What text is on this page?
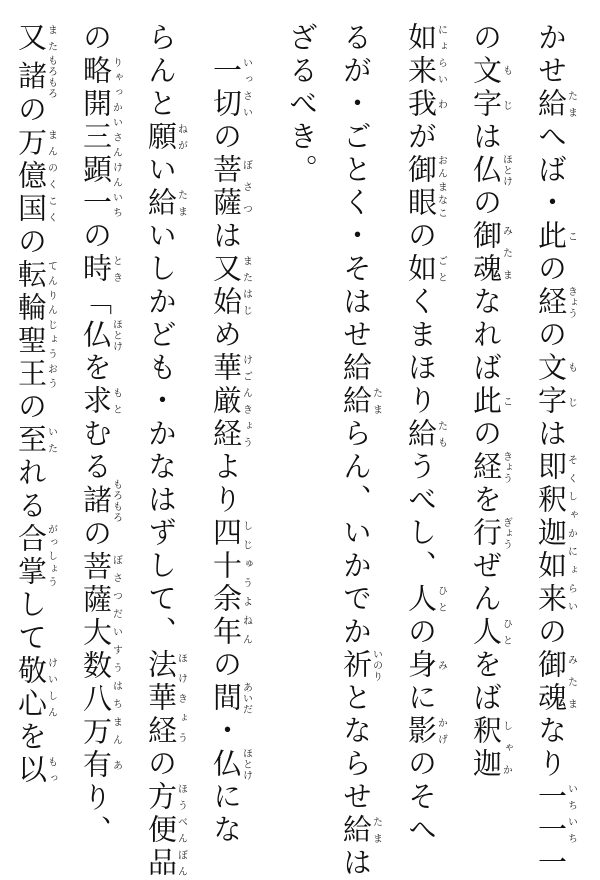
かせ給たまへば・此この経きょうの文字もじは即釈迦如来そくしゃかにょらいの御魂みたまなり一一いちいち一
の文字もじは仏ほとけの御魂みたまなれば此この経きょうを行ぎょうぜん人ひとをば釈迦しゃか
如来にょらい我わが御眼おんまなこの如ごとくまほり給たもうべし、人ひとの身みに影かげのそへ
るが・ごとく・そはせ給給たまらん、いかでか祈いのりとならせ給たまは
ざるべき。
　一切いっさいの菩薩ぼさつは又始またはじめ華厳経けごんきょうより四十余年しじゅうよねんの間あいだ・仏ほとけにな
らんと願ねがい給たまいしかども・かなはずして、法華経ほけきょうの方便品ほうべんぼん
の略開三顕一りゃっかいさんけんいちの時とき「仏ほとけを求もとむる諸もろもろの菩薩大数八万ぼさつだいすうはちまん有あり、
又また諸もろもろの万億国まんのくこくの転輪聖王てんりんじょうおうの至いたれる合掌がっしょうして敬心けいしんを以もっ
